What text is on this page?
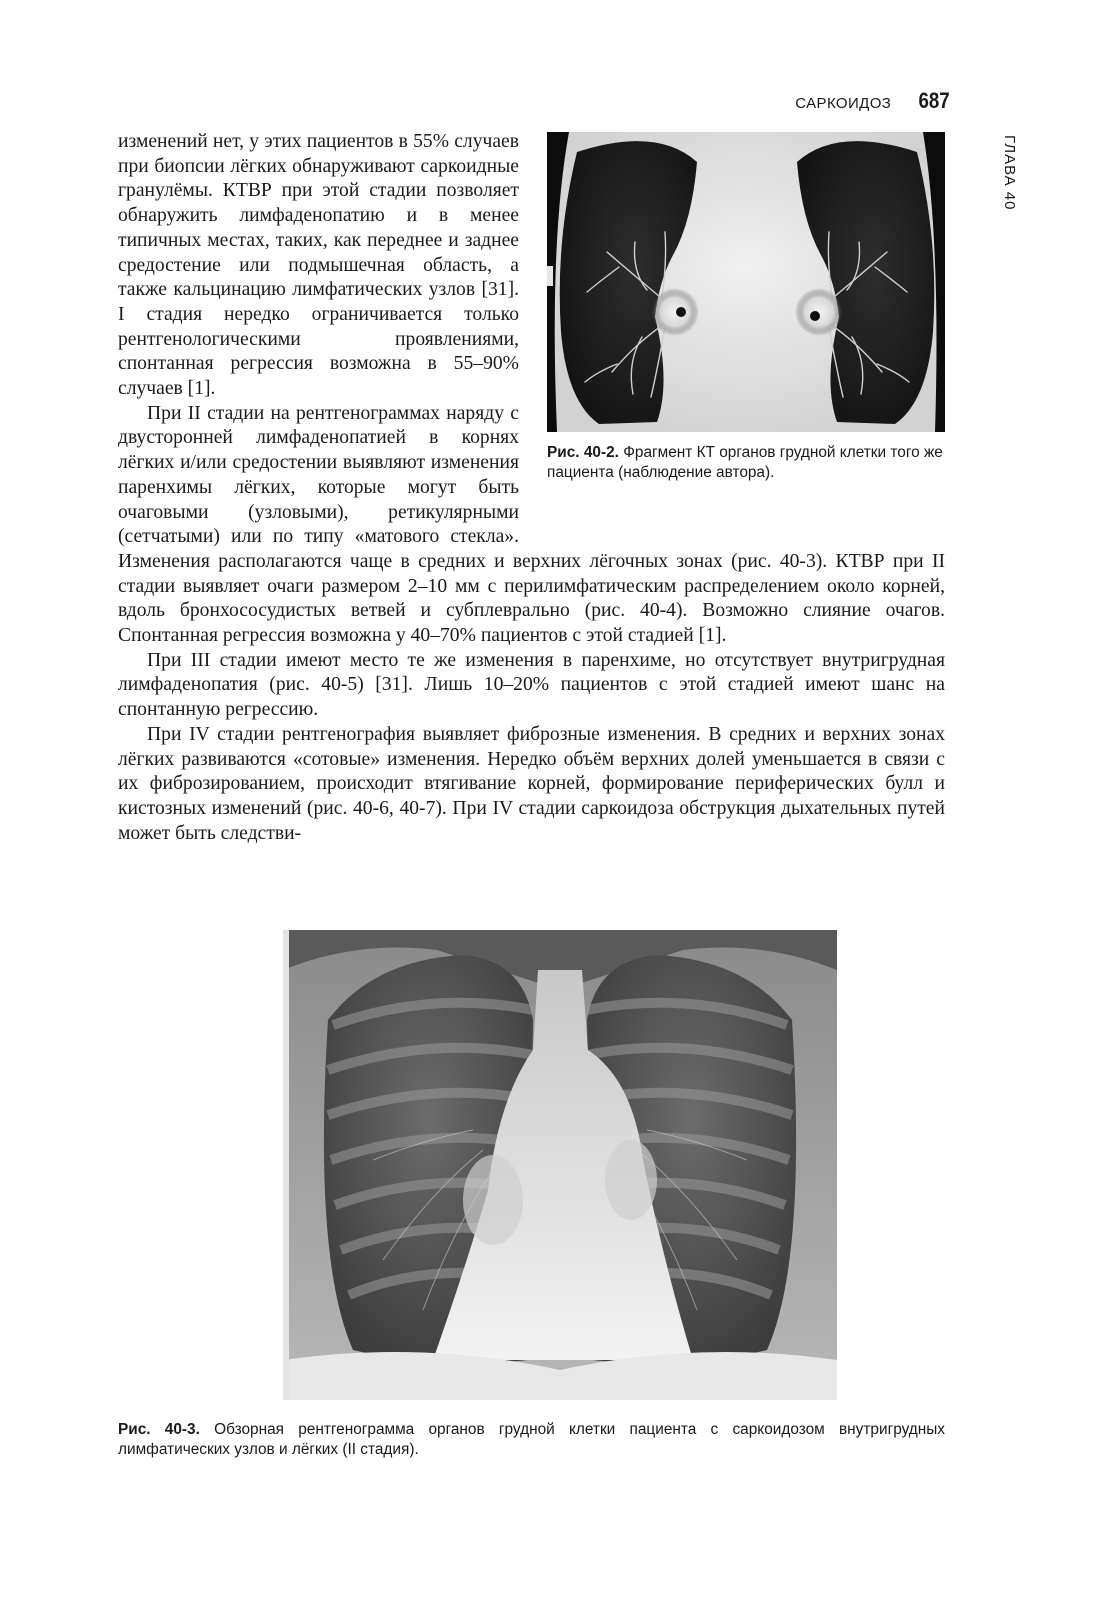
САРКОИДОЗ 687
ГЛАВА 40
Рис. 40-2. Фрагмент КТ органов грудной клетки того же пациента (наблюдение автора).

изменений нет, у этих пациентов в 55% случаев при биопсии лёгких обнаруживают саркоидные гранулёмы. КТВР при этой стадии позволяет обнаружить лимфаденопатию и в менее типичных местах, таких, как переднее и заднее средостение или подмышечная область, а также кальцинацию лимфатических узлов [31]. I стадия нередко ограничивается только рентгенологическими проявлениями, спонтанная регрессия возможна в 55–90% случаев [1].

При II стадии на рентгенограммах наряду с двусторонней лимфаденопатией в корнях лёгких и/или средостении выявляют изменения паренхимы лёгких, которые могут быть очаговыми (узловыми), ретикулярными (сетчатыми) или по типу «матового стекла». Изменения располагаются чаще в средних и верхних лёгочных зонах (рис. 40-3). КТВР при II стадии выявляет очаги размером 2–10 мм с перилимфатическим распределением около корней, вдоль бронхососудистых ветвей и субплеврально (рис. 40-4). Возможно слияние очагов. Спонтанная регрессия возможна у 40–70% пациентов с этой стадией [1].

При III стадии имеют место те же изменения в паренхиме, но отсутствует внутригрудная лимфаденопатия (рис. 40-5) [31]. Лишь 10–20% пациентов с этой стадией имеют шанс на спонтанную регрессию.

При IV стадии рентгенография выявляет фиброзные изменения. В средних и верхних зонах лёгких развиваются «сотовые» изменения. Нередко объём верхних долей уменьшается в связи с их фиброзированием, происходит втягивание корней, формирование периферических булл и кистозных изменений (рис. 40-6, 40-7). При IV стадии саркоидоза обструкция дыхательных путей может быть следстви-

Рис. 40-3. Обзорная рентгенограмма органов грудной клетки пациента с саркоидозом внутригрудных лимфатических узлов и лёгких (II стадия).
